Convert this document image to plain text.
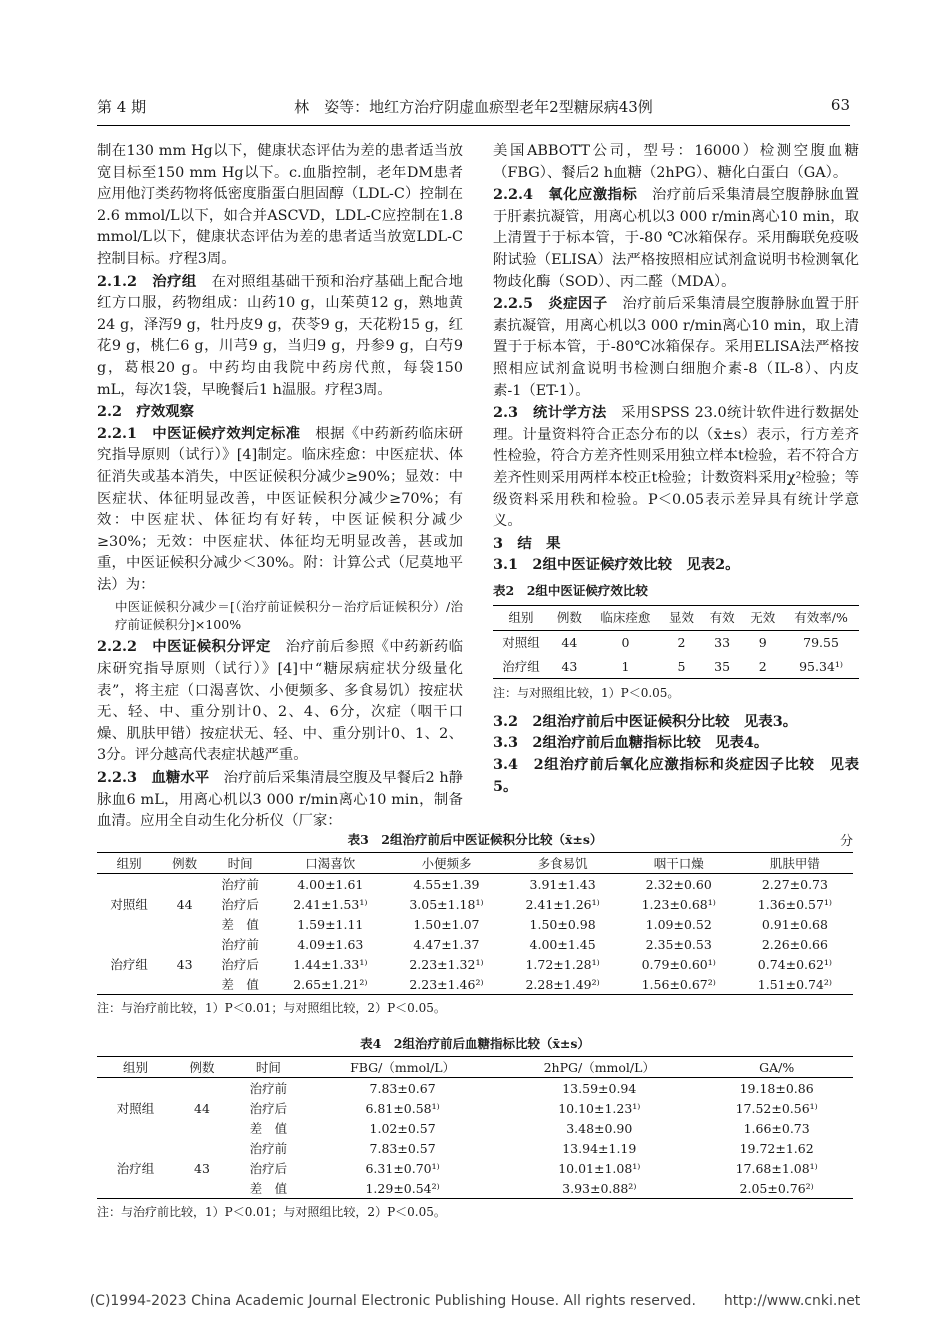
第 4 期	林　姿等：地红方治疗阴虚血瘀型老年2型糖尿病43例	63

制在130 mm Hg以下，健康状态评估为差的患者适当放宽目标至150 mm Hg以下。c.血脂控制，老年DM患者应用他汀类药物将低密度脂蛋白胆固醇（LDL-C）控制在2.6 mmol/L以下，如合并ASCVD，LDL-C应控制在1.8 mmol/L以下，健康状态评估为差的患者适当放宽LDL-C控制目标。疗程3周。

2.1.2　治疗组　在对照组基础干预和治疗基础上配合地红方口服，药物组成：山药10 g，山茱萸12 g，熟地黄24 g，泽泻9 g，牡丹皮9 g，茯苓9 g，天花粉15 g，红花9 g，桃仁6 g，川芎9 g，当归9 g，丹参9 g，白芍9 g，葛根20 g。中药均由我院中药房代煎，每袋150 mL，每次1袋，早晚餐后1 h温服。疗程3周。

2.2　疗效观察

2.2.1　中医证候疗效判定标准　根据《中药新药临床研究指导原则（试行）》[4]制定。临床痊愈：中医症状、体征消失或基本消失，中医证候积分减少≥90%；显效：中医症状、体征明显改善，中医证候积分减少≥70%；有效：中医症状、体征均有好转，中医证候积分减少≥30%；无效：中医症状、体征均无明显改善，甚或加重，中医证候积分减少＜30%。附：计算公式（尼莫地平法）为：

中医证候积分减少＝[（治疗前证候积分－治疗后证候积分）/治疗前证候积分]×100%

2.2.2　中医证候积分评定　治疗前后参照《中药新药临床研究指导原则（试行）》[4]中“糖尿病症状分级量化表”，将主症（口渴喜饮、小便频多、多食易饥）按症状无、轻、中、重分别计0、2、4、6分，次症（咽干口燥、肌肤甲错）按症状无、轻、中、重分别计0、1、2、3分。评分越高代表症状越严重。

2.2.3　血糖水平　治疗前后采集清晨空腹及早餐后2 h静脉血6 mL，用离心机以3 000 r/min离心10 min，制备血清。应用全自动生化分析仪（厂家：

美国ABBOTT公司，型号：16000）检测空腹血糖（FBG）、餐后2 h血糖（2hPG）、糖化白蛋白（GA）。

2.2.4　氧化应激指标　治疗前后采集清晨空腹静脉血置于肝素抗凝管，用离心机以3 000 r/min离心10 min，取上清置于于标本管，于-80 ℃冰箱保存。采用酶联免疫吸附试验（ELISA）法严格按照相应试剂盒说明书检测氧化物歧化酶（SOD）、丙二醛（MDA）。

2.2.5　炎症因子　治疗前后采集清晨空腹静脉血置于肝素抗凝管，用离心机以3 000 r/min离心10 min，取上清置于于标本管，于-80℃冰箱保存。采用ELISA法严格按照相应试剂盒说明书检测白细胞介素-8（IL-8）、内皮素-1（ET-1）。

2.3　统计学方法　采用SPSS 23.0统计软件进行数据处理。计量资料符合正态分布的以（x̄±s）表示，行方差齐性检验，符合方差齐性则采用独立样本t检验，若不符合方差齐性则采用两样本校正t检验；计数资料采用χ²检验；等级资料采用秩和检验。P＜0.05表示差异具有统计学意义。

3　结　果

3.1　2组中医证候疗效比较　见表2。

表2　2组中医证候疗效比较

组别	例数	临床痊愈	显效	有效	无效	有效率/%
对照组	44	0	2	33	9	79.55
治疗组	43	1	5	35	2	95.34¹⁾

注：与对照组比较，1）P＜0.05。

3.2　2组治疗前后中医证候积分比较　见表3。

3.3　2组治疗前后血糖指标比较　见表4。

3.4　2组治疗前后氧化应激指标和炎症因子比较　见表5。

表3　2组治疗前后中医证候积分比较（x̄±s）	分
组别	例数	时间	口渴喜饮	小便频多	多食易饥	咽干口燥	肌肤甲错
对照组	44	治疗前	4.00±1.61	4.55±1.39	3.91±1.43	2.32±0.60	2.27±0.73
		治疗后	2.41±1.53¹⁾	3.05±1.18¹⁾	2.41±1.26¹⁾	1.23±0.68¹⁾	1.36±0.57¹⁾
		差　值	1.59±1.11	1.50±1.07	1.50±0.98	1.09±0.52	0.91±0.68
治疗组	43	治疗前	4.09±1.63	4.47±1.37	4.00±1.45	2.35±0.53	2.26±0.66
		治疗后	1.44±1.33¹⁾	2.23±1.32¹⁾	1.72±1.28¹⁾	0.79±0.60¹⁾	0.74±0.62¹⁾
		差　值	2.65±1.21²⁾	2.23±1.46²⁾	2.28±1.49²⁾	1.56±0.67²⁾	1.51±0.74²⁾

注：与治疗前比较，1）P＜0.01；与对照组比较，2）P＜0.05。

表4　2组治疗前后血糖指标比较（x̄±s）

组别	例数	时间	FBG/（mmol/L）	2hPG/（mmol/L）	GA/%
对照组	44	治疗前	7.83±0.67	13.59±0.94	19.18±0.86
		治疗后	6.81±0.58¹⁾	10.10±1.23¹⁾	17.52±0.56¹⁾
		差　值	1.02±0.57	3.48±0.90	1.66±0.73
治疗组	43	治疗前	7.83±0.57	13.94±1.19	19.72±1.62
		治疗后	6.31±0.70¹⁾	10.01±1.08¹⁾	17.68±1.08¹⁾
		差　值	1.29±0.54²⁾	3.93±0.88²⁾	2.05±0.76²⁾

注：与治疗前比较，1）P＜0.01；与对照组比较，2）P＜0.05。

(C)1994-2023 China Academic Journal Electronic Publishing House. All rights reserved.　　http://www.cnki.net
